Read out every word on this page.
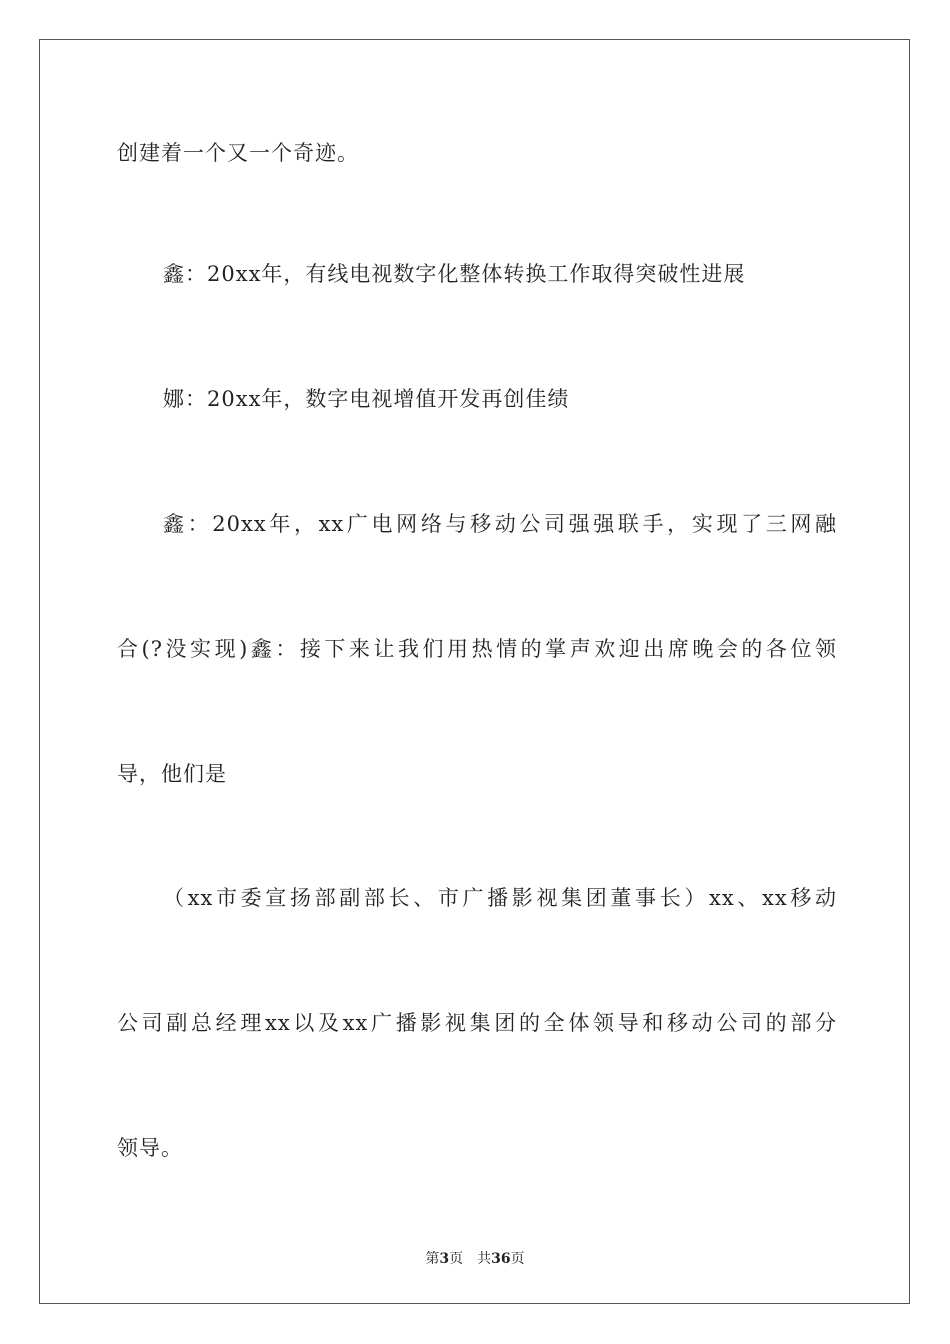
创建着一个又一个奇迹。

鑫：20xx年，有线电视数字化整体转换工作取得突破性进展

娜：20xx年，数字电视增值开发再创佳绩

鑫：20xx年，xx广电网络与移动公司强强联手，实现了三网融

合(?没实现)鑫：接下来让我们用热情的掌声欢迎出席晚会的各位领

导，他们是

（xx市委宣扬部副部长、市广播影视集团董事长）xx、xx移动

公司副总经理xx以及xx广播影视集团的全体领导和移动公司的部分

领导。

第3页 共36页
